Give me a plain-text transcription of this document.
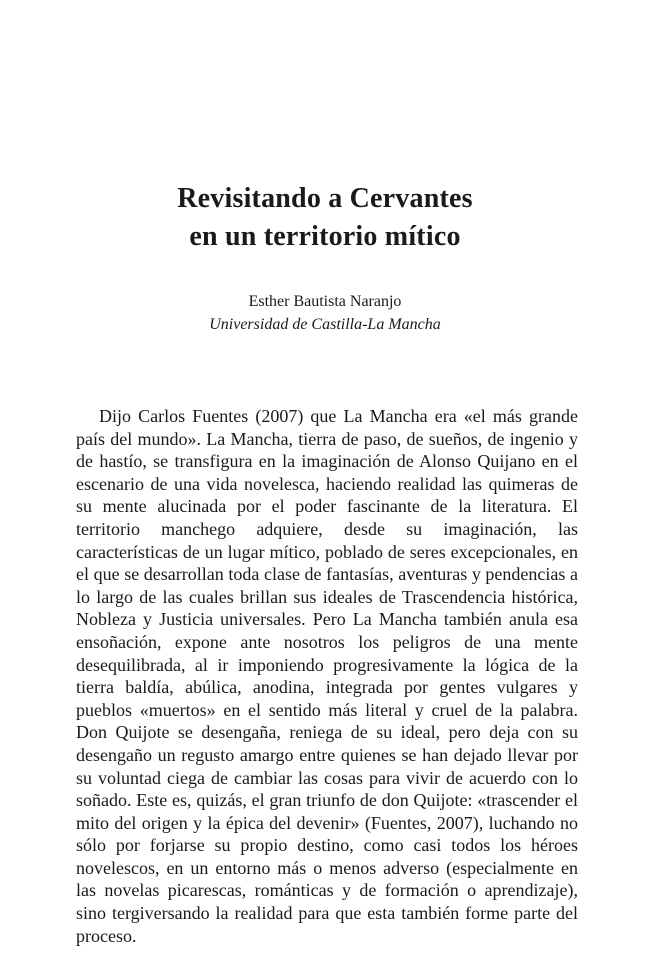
Revisitando a Cervantes
en un territorio mítico
Esther Bautista Naranjo
Universidad de Castilla-La Mancha

Dijo Carlos Fuentes (2007) que La Mancha era «el más grande país del mundo». La Mancha, tierra de paso, de sueños, de ingenio y de hastío, se transfigura en la imaginación de Alonso Quijano en el escenario de una vida novelesca, haciendo realidad las quimeras de su mente alucinada por el poder fascinante de la literatura. El territorio manchego adquiere, desde su imaginación, las características de un lugar mítico, poblado de seres excepcionales, en el que se desarrollan toda clase de fantasías, aventuras y pendencias a lo largo de las cuales brillan sus ideales de Trascendencia histórica, Nobleza y Justicia universales. Pero La Mancha también anula esa ensoñación, expone ante nosotros los peligros de una mente desequilibrada, al ir imponiendo progresivamente la lógica de la tierra baldía, abúlica, anodina, integrada por gentes vulgares y pueblos «muertos» en el sentido más literal y cruel de la palabra. Don Quijote se desengaña, reniega de su ideal, pero deja con su desengaño un regusto amargo entre quienes se han dejado llevar por su voluntad ciega de cambiar las cosas para vivir de acuerdo con lo soñado. Este es, quizás, el gran triunfo de don Quijote: «trascender el mito del origen y la épica del devenir» (Fuentes, 2007), luchando no sólo por forjarse su propio destino, como casi todos los héroes novelescos, en un entorno más o menos adverso (especialmente en las novelas picarescas, románticas y de formación o aprendizaje), sino tergiversando la realidad para que esta también forme parte del proceso.
